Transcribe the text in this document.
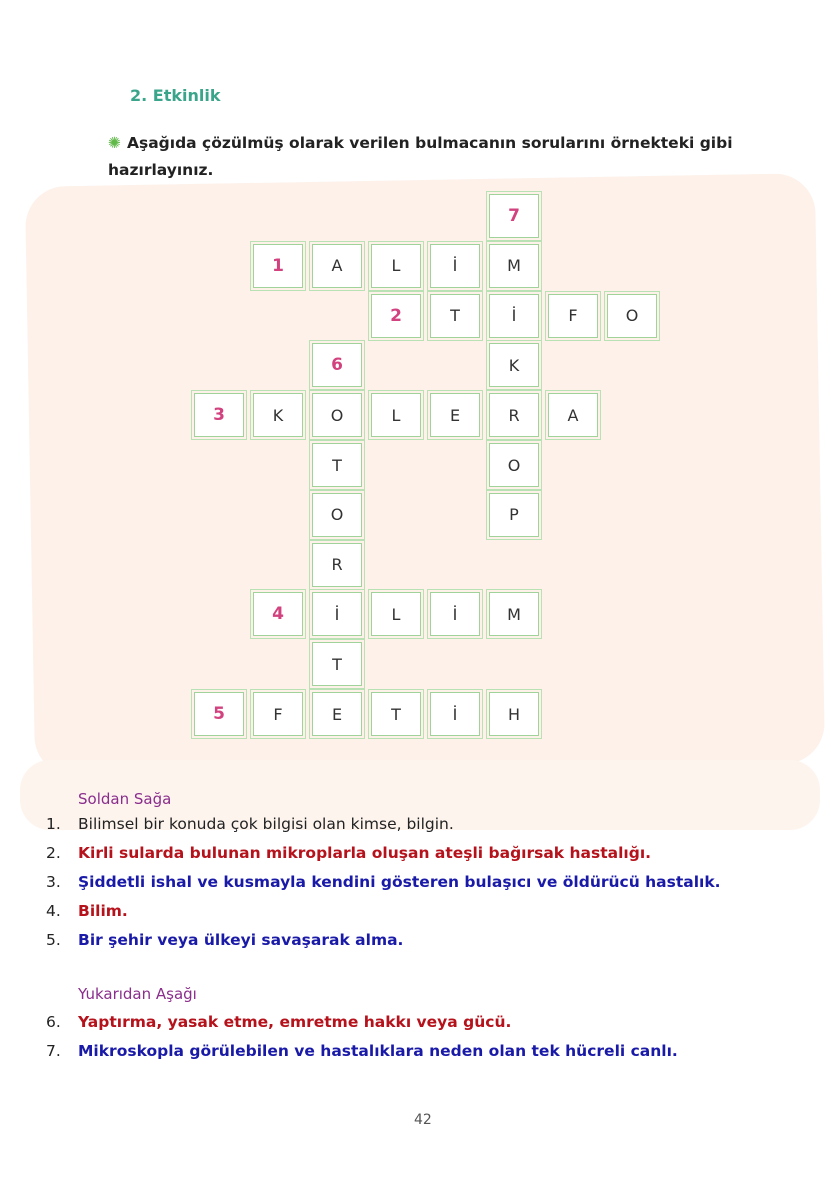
2. Etkinlik
✺ Aşağıda çözülmüş olarak verilen bulmacanın sorularını örnekteki gibi hazırlayınız.
7
1	A	L	İ	M
2	T	İ	F	O
6	K
3	K	O	L	E	R	A
T	O
O	P
R
4	İ	L	İ	M
T
5	F	E	T	İ	H
Soldan Sağa
1.	Bilimsel bir konuda çok bilgisi olan kimse, bilgin.
2.	Kirli sularda bulunan mikroplarla oluşan ateşli bağırsak hastalığı.
3.	Şiddetli ishal ve kusmayla kendini gösteren bulaşıcı ve öldürücü hastalık.
4.	Bilim.
5.	Bir şehir veya ülkeyi savaşarak alma.
Yukarıdan Aşağı
6.	Yaptırma, yasak etme, emretme hakkı veya gücü.
7.	Mikroskopla görülebilen ve hastalıklara neden olan tek hücreli canlı.
42
